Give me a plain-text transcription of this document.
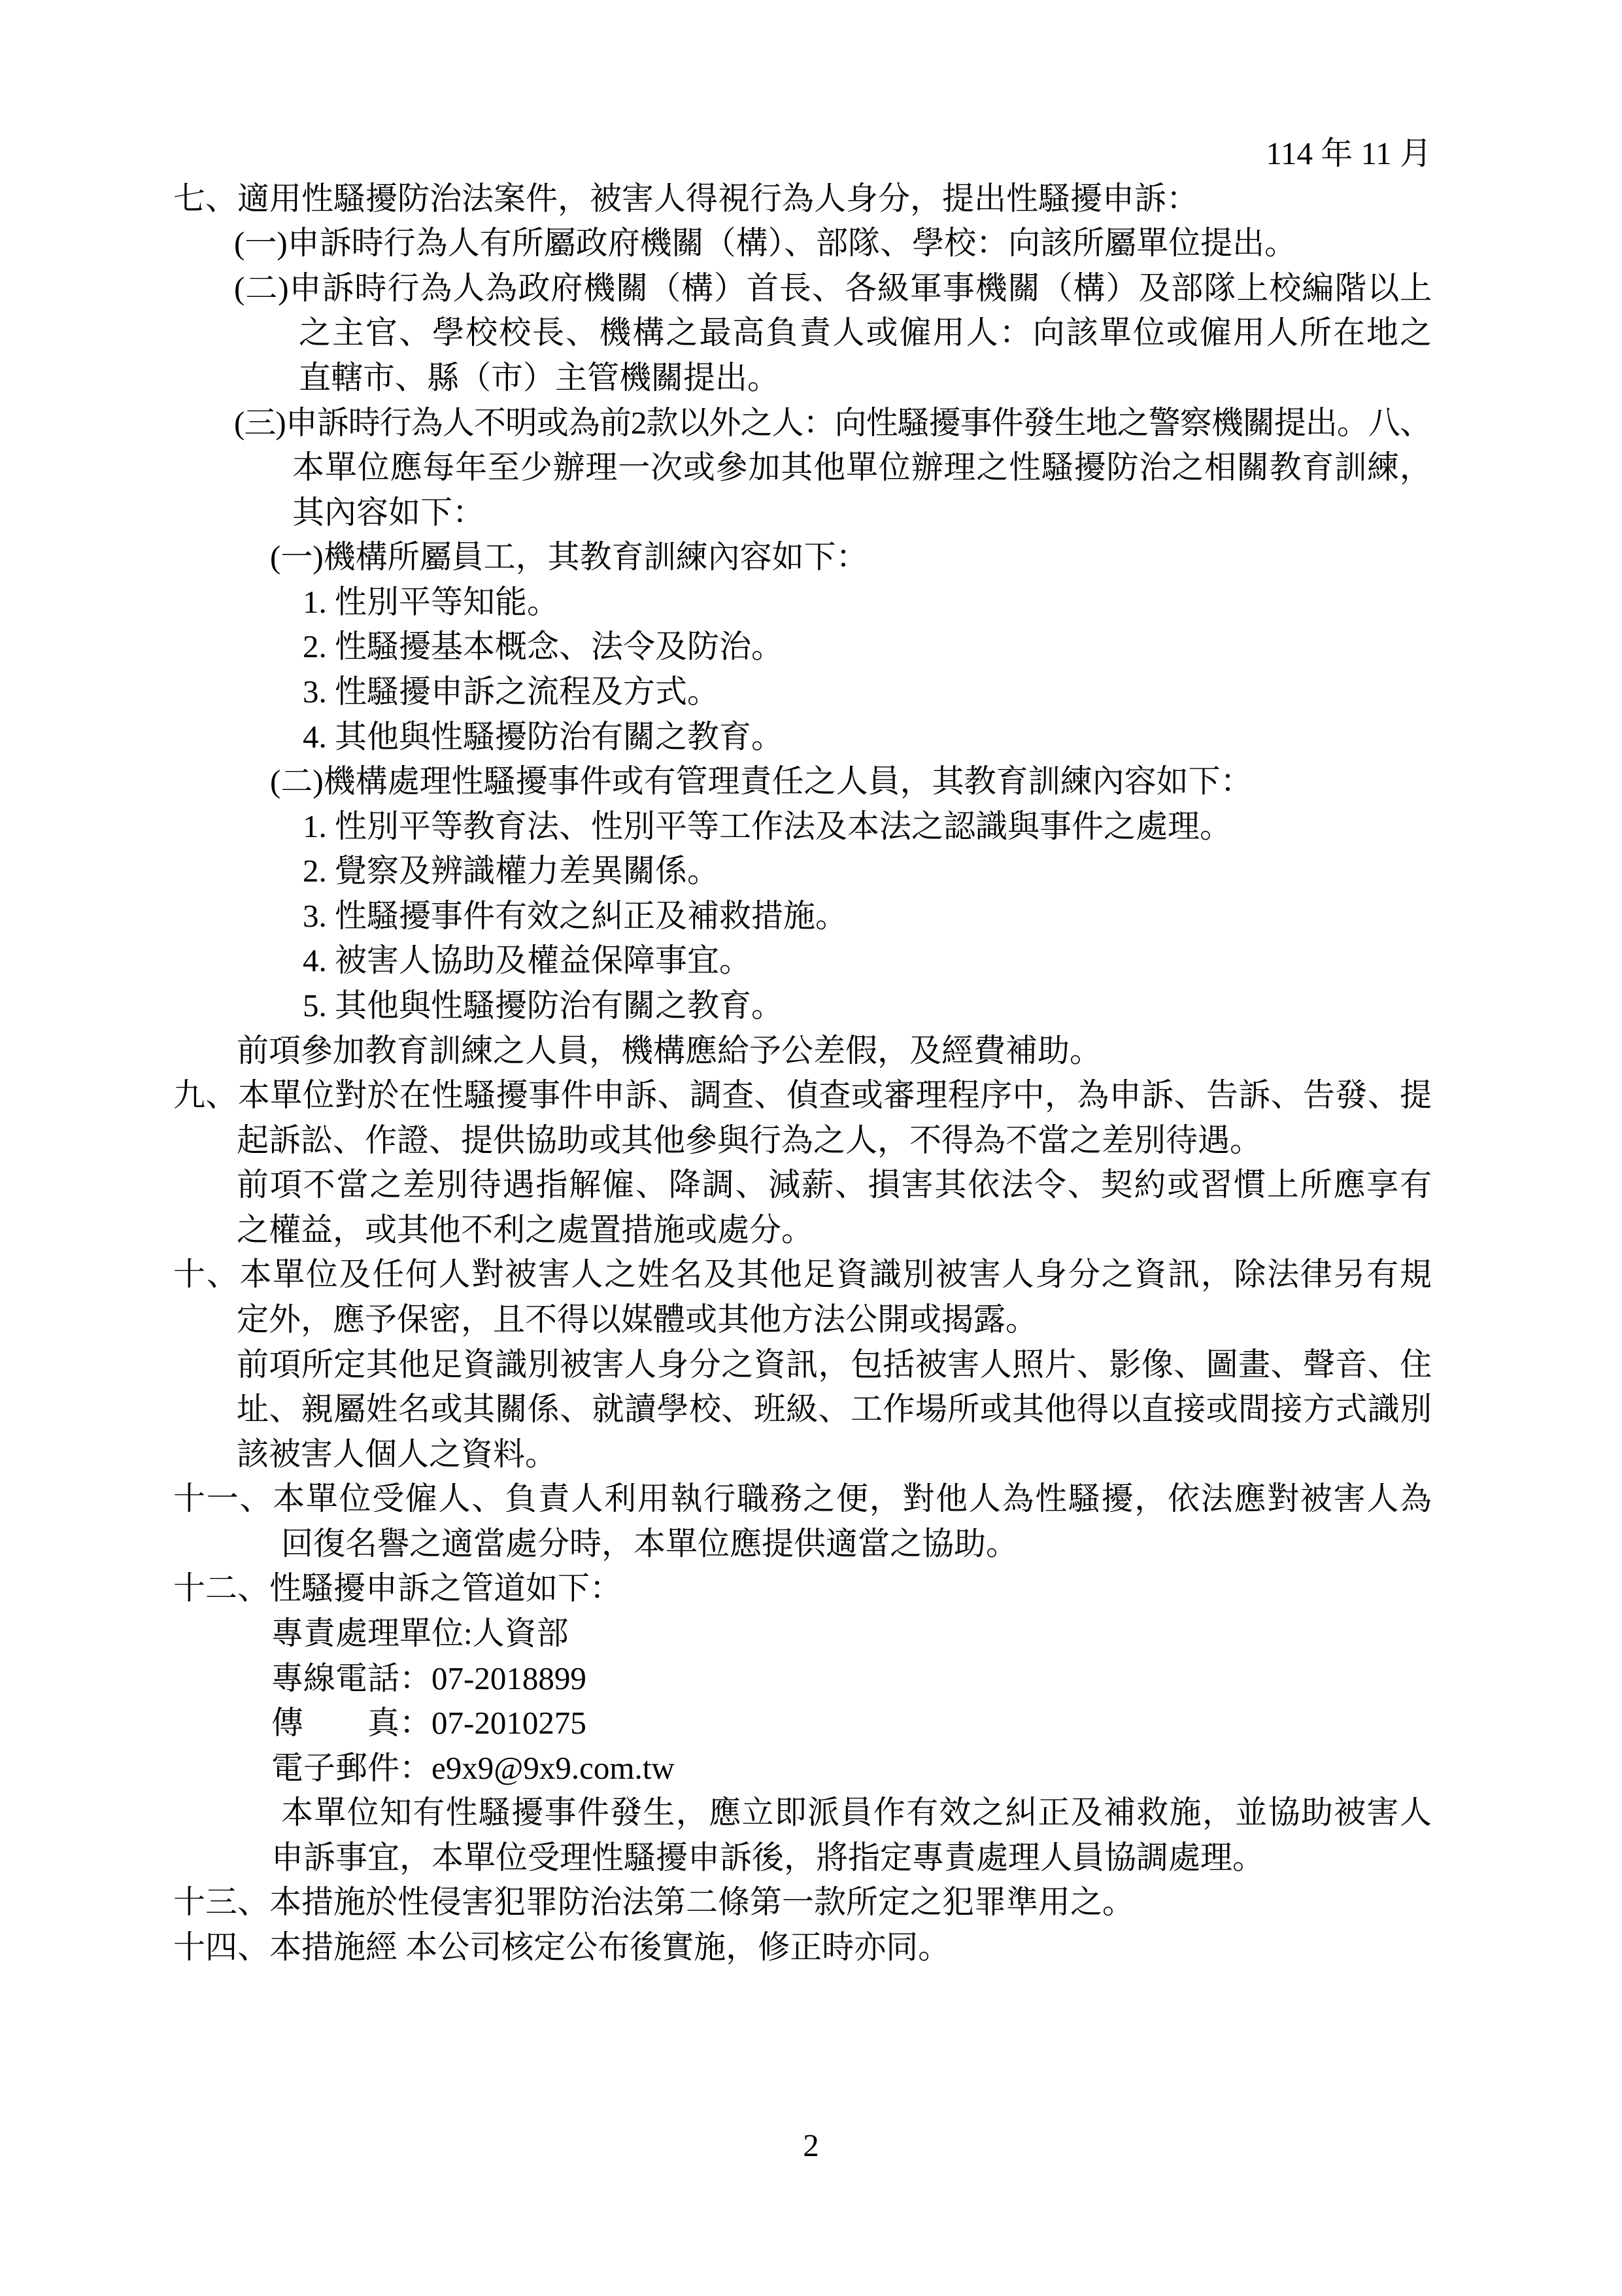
114 年 11 月
七、適用性騷擾防治法案件，被害人得視行為人身分，提出性騷擾申訴：
(一)申訴時行為人有所屬政府機關（構）、部隊、學校：向該所屬單位提出。
(二)申訴時行為人為政府機關（構）首長、各級軍事機關（構）及部隊上校編階以上
之主官、學校校長、機構之最高負責人或僱用人：向該單位或僱用人所在地之
直轄市、縣（市）主管機關提出。
(三)申訴時行為人不明或為前2款以外之人：向性騷擾事件發生地之警察機關提出。八、
本單位應每年至少辦理一次或參加其他單位辦理之性騷擾防治之相關教育訓練，
其內容如下：
(一)機構所屬員工，其教育訓練內容如下：
1. 性別平等知能。
2. 性騷擾基本概念、法令及防治。
3. 性騷擾申訴之流程及方式。
4. 其他與性騷擾防治有關之教育。
(二)機構處理性騷擾事件或有管理責任之人員，其教育訓練內容如下：
1. 性別平等教育法、性別平等工作法及本法之認識與事件之處理。
2. 覺察及辨識權力差異關係。
3. 性騷擾事件有效之糾正及補救措施。
4. 被害人協助及權益保障事宜。
5. 其他與性騷擾防治有關之教育。
前項參加教育訓練之人員，機構應給予公差假，及經費補助。
九、本單位對於在性騷擾事件申訴、調查、偵查或審理程序中，為申訴、告訴、告發、提
起訴訟、作證、提供協助或其他參與行為之人，不得為不當之差別待遇。
前項不當之差別待遇指解僱、降調、減薪、損害其依法令、契約或習慣上所應享有
之權益，或其他不利之處置措施或處分。
十、本單位及任何人對被害人之姓名及其他足資識別被害人身分之資訊，除法律另有規
定外，應予保密，且不得以媒體或其他方法公開或揭露。
前項所定其他足資識別被害人身分之資訊，包括被害人照片、影像、圖畫、聲音、住
址、親屬姓名或其關係、就讀學校、班級、工作場所或其他得以直接或間接方式識別
該被害人個人之資料。
十一、本單位受僱人、負責人利用執行職務之便，對他人為性騷擾，依法應對被害人為
回復名譽之適當處分時，本單位應提供適當之協助。
十二、性騷擾申訴之管道如下：
專責處理單位:人資部
專線電話：07-2018899
傳　　真：07-2010275
電子郵件：e9x9@9x9.com.tw
本單位知有性騷擾事件發生，應立即派員作有效之糾正及補救施，並協助被害人
申訴事宜，本單位受理性騷擾申訴後，將指定專責處理人員協調處理。
十三、本措施於性侵害犯罪防治法第二條第一款所定之犯罪準用之。
十四、本措施經 本公司核定公布後實施，修正時亦同。
2
